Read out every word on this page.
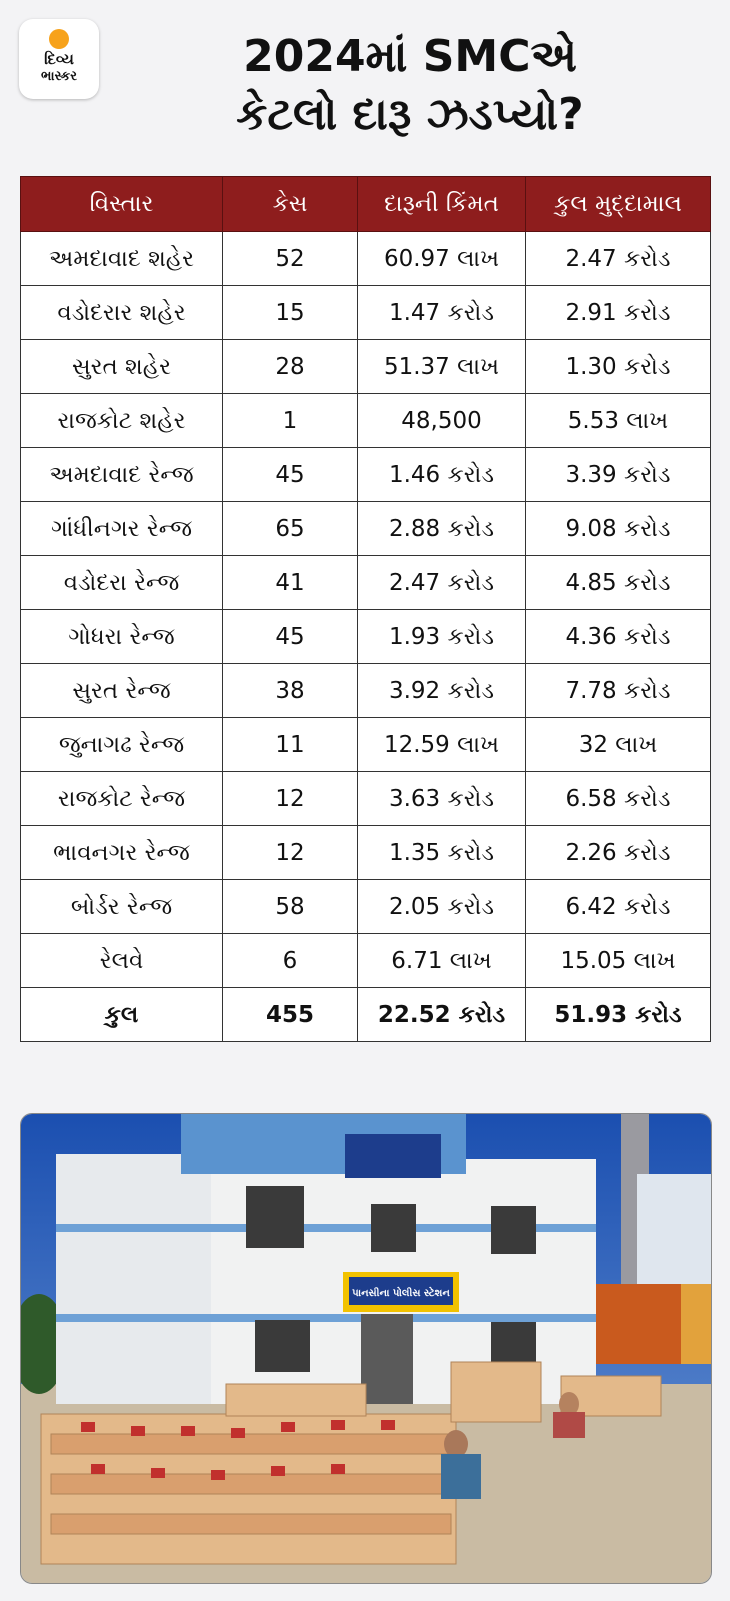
દિવ્ય
ભાસ્કર	2024માં SMCએ
કેટલો દારૂ ઝડપ્યો?
વિસ્તાર	કેસ	દારૂની કિંમત	કુલ મુદ્દામાલ
અમદાવાદ શહેર	52	60.97 લાખ	2.47 કરોડ
વડોદરાર શહેર	15	1.47 કરોડ	2.91 કરોડ
સુરત શહેર	28	51.37 લાખ	1.30 કરોડ
રાજકોટ શહેર	1	48,500	5.53 લાખ
અમદાવાદ રેન્જ	45	1.46 કરોડ	3.39 કરોડ
ગાંધીનગર રેન્જ	65	2.88 કરોડ	9.08 કરોડ
વડોદરા રેન્જ	41	2.47 કરોડ	4.85 કરોડ
ગોધરા રેન્જ	45	1.93 કરોડ	4.36 કરોડ
સુરત રેન્જ	38	3.92 કરોડ	7.78 કરોડ
જુનાગઢ રેન્જ	11	12.59 લાખ	32 લાખ
રાજકોટ રેન્જ	12	3.63 કરોડ	6.58 કરોડ
ભાવનગર રેન્જ	12	1.35 કરોડ	2.26 કરોડ
બોર્ડર રેન્જ	58	2.05 કરોડ	6.42 કરોડ
રેલવે	6	6.71 લાખ	15.05 લાખ
કુલ	455	22.52 કરોડ	51.93 કરોડ
પાનસીના પોલીસ સ્ટેશન
